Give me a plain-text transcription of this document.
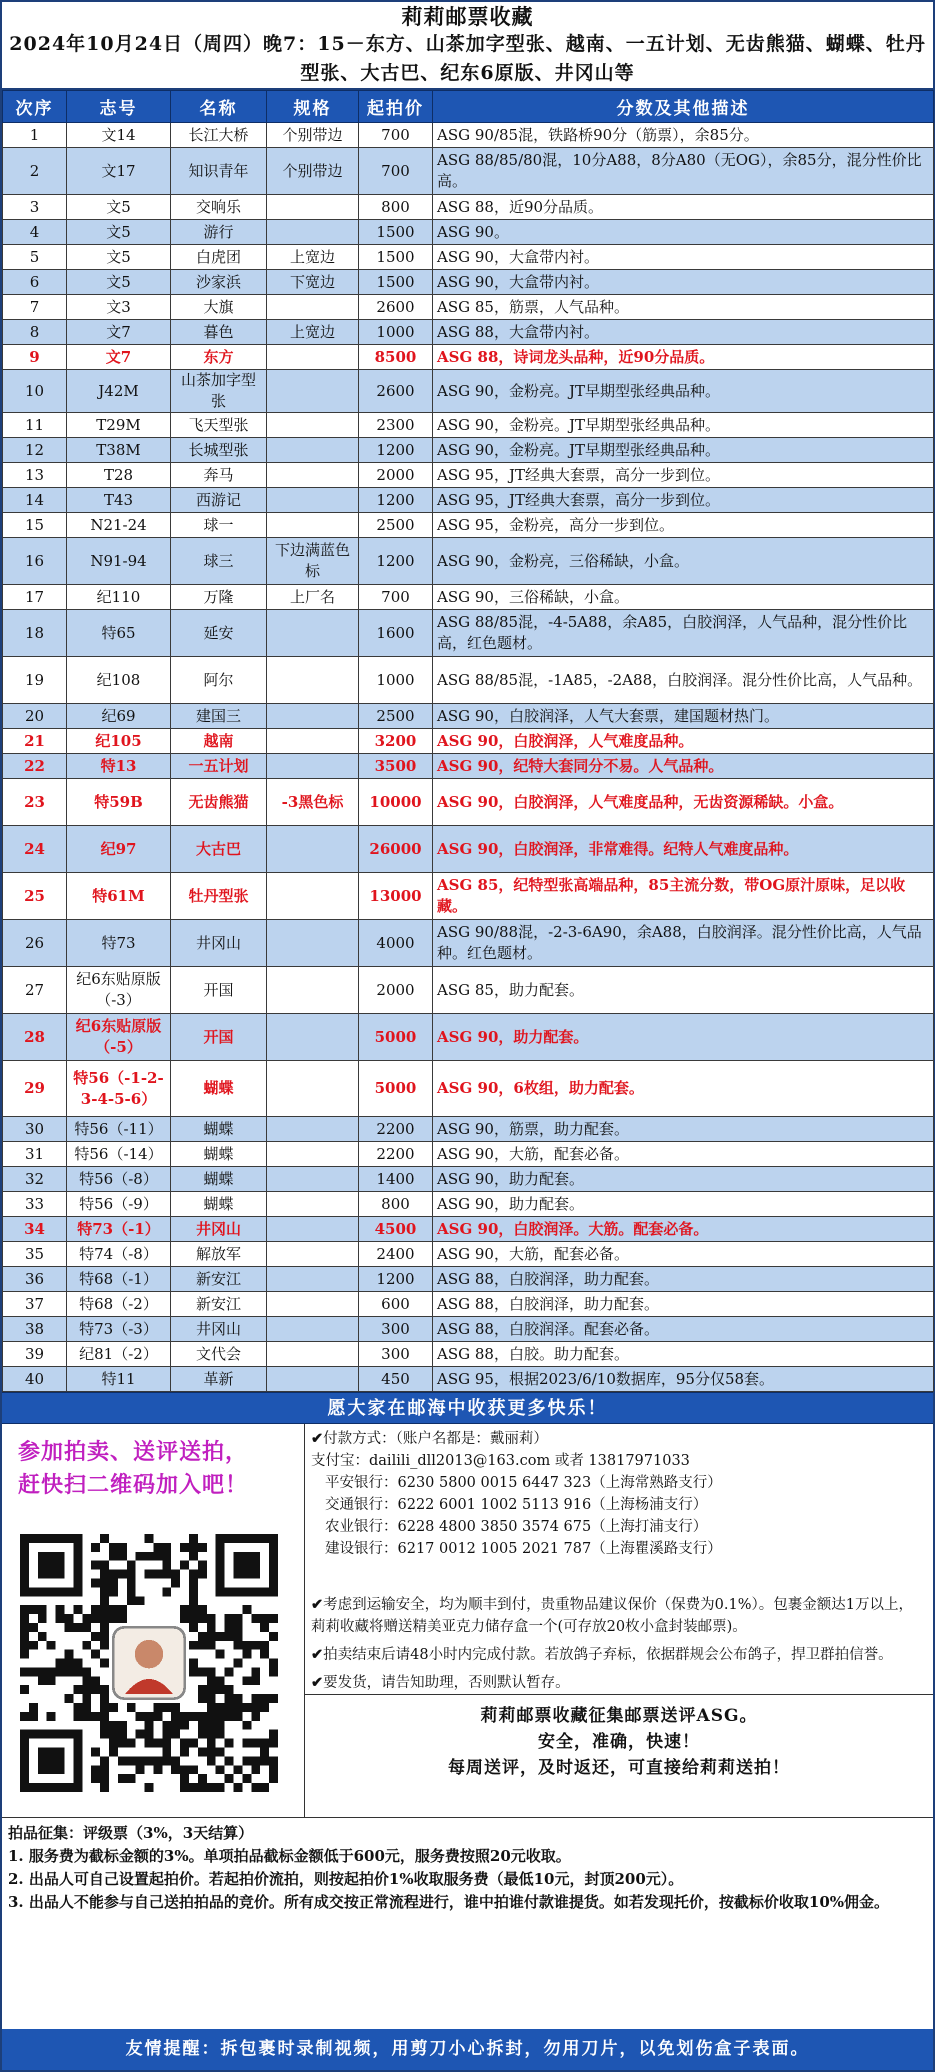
莉莉邮票收藏
2024年10月24日（周四）晚7：15－东方、山茶加字型张、越南、一五计划、无齿熊猫、蝴蝶、牡丹型张、大古巴、纪东6原版、井冈山等
次序	志号	名称	规格	起拍价	分数及其他描述
1	文14	长江大桥	个别带边	700	ASG 90/85混，铁路桥90分（筋票），余85分。
2	文17	知识青年	个别带边	700	ASG 88/85/80混，10分A88，8分A80（无OG），余85分，混分性价比高。
3	文5	交响乐		800	ASG 88，近90分品质。
4	文5	游行		1500	ASG 90。
5	文5	白虎团	上宽边	1500	ASG 90，大盒带内衬。
6	文5	沙家浜	下宽边	1500	ASG 90，大盒带内衬。
7	文3	大旗		2600	ASG 85，筋票，人气品种。
8	文7	暮色	上宽边	1000	ASG 88，大盒带内衬。
9	文7	东方		8500	ASG 88，诗词龙头品种，近90分品质。
10	J42M	山茶加字型张		2600	ASG 90，金粉亮。JT早期型张经典品种。
11	T29M	飞天型张		2300	ASG 90，金粉亮。JT早期型张经典品种。
12	T38M	长城型张		1200	ASG 90，金粉亮。JT早期型张经典品种。
13	T28	奔马		2000	ASG 95，JT经典大套票，高分一步到位。
14	T43	西游记		1200	ASG 95，JT经典大套票，高分一步到位。
15	N21-24	球一		2500	ASG 95，金粉亮，高分一步到位。
16	N91-94	球三	下边满蓝色标	1200	ASG 90，金粉亮，三俗稀缺，小盒。
17	纪110	万隆	上厂名	700	ASG 90，三俗稀缺，小盒。
18	特65	延安		1600	ASG 88/85混，-4-5A88，余A85，白胶润泽，人气品种，混分性价比高，红色题材。
19	纪108	阿尔		1000	ASG 88/85混，-1A85，-2A88，白胶润泽。混分性价比高，人气品种。
20	纪69	建国三		2500	ASG 90，白胶润泽，人气大套票，建国题材热门。
21	纪105	越南		3200	ASG 90，白胶润泽，人气难度品种。
22	特13	一五计划		3500	ASG 90，纪特大套同分不易。人气品种。
23	特59B	无齿熊猫	-3黑色标	10000	ASG 90，白胶润泽，人气难度品种，无齿资源稀缺。小盒。
24	纪97	大古巴		26000	ASG 90，白胶润泽，非常难得。纪特人气难度品种。
25	特61M	牡丹型张		13000	ASG 85，纪特型张高端品种，85主流分数，带OG原汁原味，足以收藏。
26	特73	井冈山		4000	ASG 90/88混，-2-3-6A90，余A88，白胶润泽。混分性价比高，人气品种。红色题材。
27	纪6东贴原版（-3）	开国		2000	ASG 85，助力配套。
28	纪6东贴原版（-5）	开国		5000	ASG 90，助力配套。
29	特56（-1-2-3-4-5-6）	蝴蝶		5000	ASG 90，6枚组，助力配套。
30	特56（-11）	蝴蝶		2200	ASG 90，筋票，助力配套。
31	特56（-14）	蝴蝶		2200	ASG 90，大筋，配套必备。
32	特56（-8）	蝴蝶		1400	ASG 90，助力配套。
33	特56（-9）	蝴蝶		800	ASG 90，助力配套。
34	特73（-1）	井冈山		4500	ASG 90，白胶润泽。大筋。配套必备。
35	特74（-8）	解放军		2400	ASG 90，大筋，配套必备。
36	特68（-1）	新安江		1200	ASG 88，白胶润泽，助力配套。
37	特68（-2）	新安江		600	ASG 88，白胶润泽，助力配套。
38	特73（-3）	井冈山		300	ASG 88，白胶润泽。配套必备。
39	纪81（-2）	文代会		300	ASG 88，白胶。助力配套。
40	特11	革新		450	ASG 95，根据2023/6/10数据库，95分仅58套。
愿大家在邮海中收获更多快乐！
参加拍卖、送评送拍，
赶快扫二维码加入吧！
✔付款方式：（账户名都是：戴丽莉）
支付宝：dailili_dll2013@163.com 或者 13817971033
平安银行：6230 5800 0015 6447 323（上海常熟路支行）
交通银行：6222 6001 1002 5113 916（上海杨浦支行）
农业银行：6228 4800 3850 3574 675（上海打浦支行）
建设银行：6217 0012 1005 2021 787（上海瞿溪路支行）
✔考虑到运输安全，均为顺丰到付，贵重物品建议保价（保费为0.1%）。包裹金额达1万以上，莉莉收藏将赠送精美亚克力储存盒一个(可存放20枚小盒封装邮票)。
✔拍卖结束后请48小时内完成付款。若放鸽子弃标，依据群规会公布鸽子，捍卫群拍信誉。
✔要发货，请告知助理，否则默认暂存。
莉莉邮票收藏征集邮票送评ASG。
安全，准确，快速！
每周送评，及时返还，可直接给莉莉送拍！
拍品征集：评级票（3%，3天结算）
1. 服务费为截标金额的3%。单项拍品截标金额低于600元，服务费按照20元收取。
2. 出品人可自己设置起拍价。若起拍价流拍，则按起拍价1%收取服务费（最低10元，封顶200元）。
3. 出品人不能参与自己送拍拍品的竞价。所有成交按正常流程进行，谁中拍谁付款谁提货。如若发现托价，按截标价收取10%佣金。
友情提醒：拆包裹时录制视频，用剪刀小心拆封，勿用刀片，以免划伤盒子表面。
